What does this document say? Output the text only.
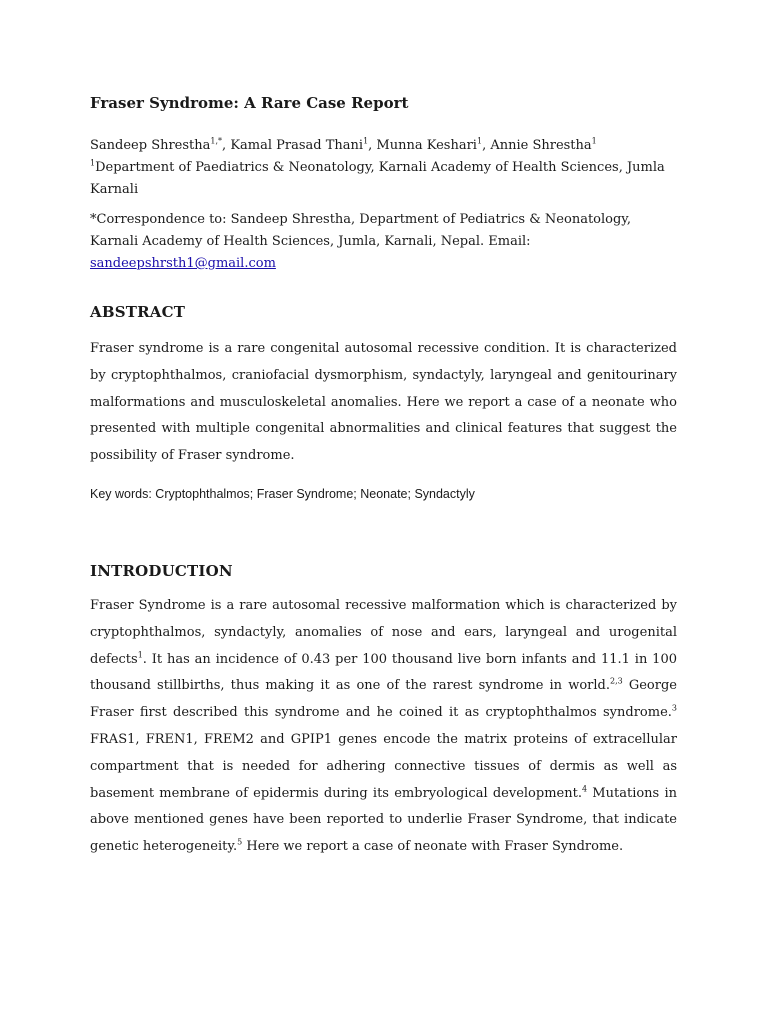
Fraser Syndrome: A Rare Case Report
Sandeep Shrestha$^{1,*}$, Kamal Prasad Thani$^1$, Munna Keshari$^1$, Annie Shrestha$^1$
$^1$Department of Paediatrics & Neonatology, Karnali Academy of Health Sciences, Jumla Karnali
*Correspondence to: Sandeep Shrestha, Department of Pediatrics & Neonatology, Karnali Academy of Health Sciences, Jumla, Karnali, Nepal. Email: sandeepshrsth1@gmail.com
ABSTRACT

Fraser syndrome is a rare congenital autosomal recessive condition. It is characterized by cryptophthalmos, craniofacial dysmorphism, syndactyly, laryngeal and genitourinary malformations and musculoskeletal anomalies. Here we report a case of a neonate who presented with multiple congenital abnormalities and clinical features that suggest the possibility of Fraser syndrome.

Key words: Cryptophthalmos; Fraser Syndrome; Neonate; Syndactyly

INTRODUCTION

Fraser Syndrome is a rare autosomal recessive malformation which is characterized by cryptophthalmos, syndactyly, anomalies of nose and ears, laryngeal and urogenital defects$^1$. It has an incidence of 0.43 per 100 thousand live born infants and 11.1 in 100 thousand stillbirths, thus making it as one of the rarest syndrome in world.$^{2,3}$ George Fraser first described this syndrome and he coined it as cryptophthalmos syndrome.$^3$ FRAS1, FREN1, FREM2 and GPIP1 genes encode the matrix proteins of extracellular compartment that is needed for adhering connective tissues of dermis as well as basement membrane of epidermis during its embryological development.$^4$ Mutations in above mentioned genes have been reported to underlie Fraser Syndrome, that indicate genetic heterogeneity.$^5$ Here we report a case of neonate with Fraser Syndrome.
